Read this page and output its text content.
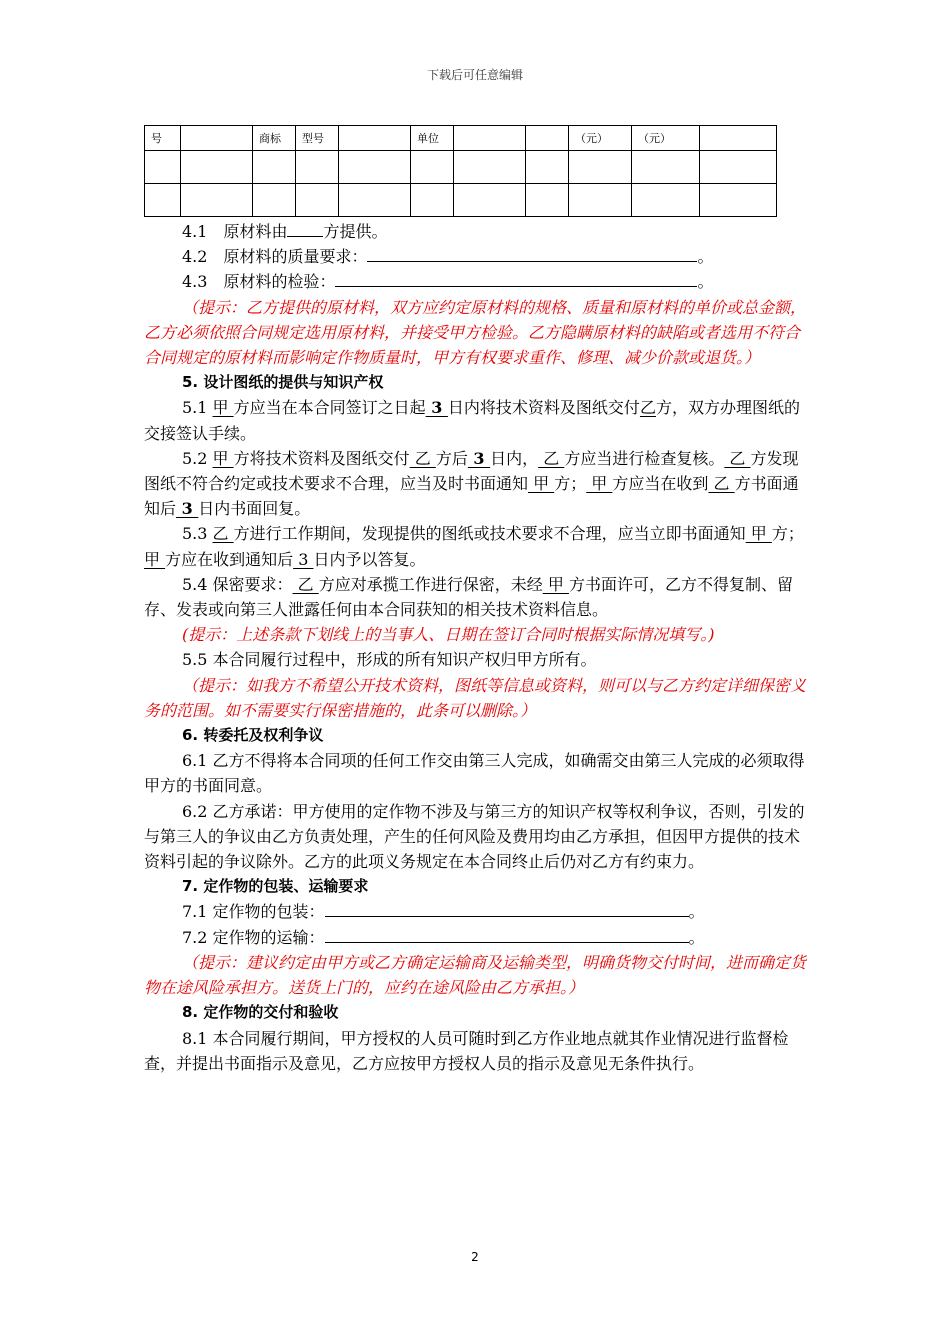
下载后可任意编辑
号		商标	型号		单位			（元）	（元）	

4.1　原材料由 方提供。
4.2　原材料的质量要求：	。
4.3　原材料的检验：	。

（提示：乙方提供的原材料，双方应约定原材料的规格、质量和原材料的单价或总金额，乙方必须依照合同规定选用原材料，并接受甲方检验。乙方隐瞒原材料的缺陷或者选用不符合合同规定的原材料而影响定作物质量时，甲方有权要求重作、修理、减少价款或退货。）

5. 设计图纸的提供与知识产权

5.1 甲 方应当在本合同签订之日起 3 日内将技术资料及图纸交付乙方，双方办理图纸的交接签认手续。

5.2 甲 方将技术资料及图纸交付 乙 方后 3 日内， 乙 方应当进行检查复核。 乙 方发现图纸不符合约定或技术要求不合理，应当及时书面通知 甲 方； 甲 方应当在收到 乙 方书面通知后 3 日内书面回复。

5.3 乙 方进行工作期间，发现提供的图纸或技术要求不合理，应当立即书面通知 甲 方； 甲 方应在收到通知后 3 日内予以答复。

5.4 保密要求： 乙 方应对承揽工作进行保密，未经 甲 方书面许可，乙方不得复制、留存、发表或向第三人泄露任何由本合同获知的相关技术资料信息。

(提示：上述条款下划线上的当事人、日期在签订合同时根据实际情况填写。)

5.5 本合同履行过程中，形成的所有知识产权归甲方所有。

（提示：如我方不希望公开技术资料，图纸等信息或资料，则可以与乙方约定详细保密义务的范围。如不需要实行保密措施的，此条可以删除。）

6. 转委托及权利争议

6.1 乙方不得将本合同项的任何工作交由第三人完成，如确需交由第三人完成的必须取得甲方的书面同意。

6.2 乙方承诺：甲方使用的定作物不涉及与第三方的知识产权等权利争议，否则，引发的与第三人的争议由乙方负责处理，产生的任何风险及费用均由乙方承担，但因甲方提供的技术资料引起的争议除外。乙方的此项义务规定在本合同终止后仍对乙方有约束力。

7. 定作物的包装、运输要求
7.1 定作物的包装：	。
7.2 定作物的运输：	。

（提示：建议约定由甲方或乙方确定运输商及运输类型，明确货物交付时间，进而确定货物在途风险承担方。送货上门的，应约在途风险由乙方承担。）

8. 定作物的交付和验收

8.1 本合同履行期间，甲方授权的人员可随时到乙方作业地点就其作业情况进行监督检查，并提出书面指示及意见，乙方应按甲方授权人员的指示及意见无条件执行。

2
